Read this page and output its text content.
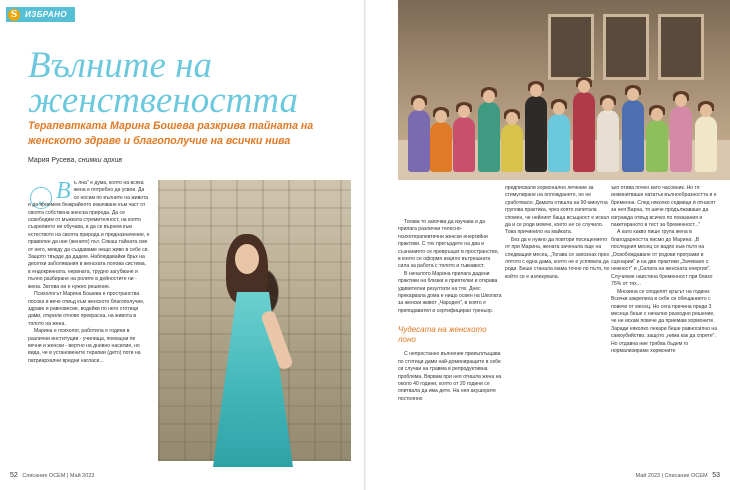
S ИЗБРАНО
Вълните на
женствеността
Терапевтката Марина Бошева разкрива тайната на женското здраве и благополучие на всички нива
Мария Русева, снимки архив
„ В ъ лна" е дума, която на всяка жена е потребно да усвои. Да се носим по вълните на живота и да приемем безкрайното изкачване към част от своята собствена женска природа. Да се освободим от мъжката стремителност, на която съзрелието ни обучава, и да се върнем към естеството на своята природа и предназначение, е правилен да ние (жените) път. Сякаш тайната сме от него, между да създаваме нещо живо в себе си. Защото твърде да дадем. Наблюдавайки 8рьх на десетки заболявания в женската полова система, в ендокринната, нервната, трудно загубване и пълно разбиране на ролите в дейностите ни - жена. Затова ни е нужно решение.

Психологът Марина Бошева е пространства посока и вече отвъд към женското благополучие, здраве и равновесие, водейки по него стотици дами, открили отново прекрасна, на живота в тялото на жена.

Марина е психолог, работила е години в различни институции - училища, помощни пе вечни и женски - вертно на дневно насилие, но вида, че в установените терапии (дето) поти на патриархални вредни нагласи...

52 Списание ОСЕМ | Май 2023

Тогава то започва да изучава и да прилага различни телесно-психотерапевтични женски енергийни практики. С тях прегърдете на два и съзнанието се превръщат в пространство, в което се оформя изцяло вътрешната сила за работа с тялото и гъвкавост.

В началото Марина прилага дадени практики на близки и приятелки и открива удивителни резултати на тях. Днес прекарвала дома е нищо освен на Школата за женски живот „Чародея", в която е преподавател и сертифициран треньор.

Чудесата на женското лоно

С непрестанно вълнение превъплъщава по стотици дами най-доминиращите в себе си случаи на травма в репродуктивна проблема. Вярвам при нея отишла жена на около 40 години, която от 20 години се опитвала да има дете. На нея акушерите постоянно

предписвали хормонално лечение за стимулиране на оплождането, но не сработвало. Дамата отишла на 90-минутна групова практика, чрез която изпитала спомен, че нейният баща всъщност е искал да и се роди момче, което не се случило. Това причинило на майката.

Без да е нужно да повтори посещението от при Марина, жената заченала още на следващия месец. „Тогава се запознах през лятото с една дама, която не е успявала да роди. Беше станала мама точно по пътя, по който се е излекувала.

ъкп отива почен като часовник. Но тя инжинитваше нататък вълнообразността и е бременна. След няколко седмици ѝ отнасят за нея Варна, тя шече продължаваше да изгражда отвъд всичко по показания и пакетираното в тест за бременност..."

А като какво пише група жена в благодарността писмо до Марина: „В последния месец се вадях към пътя на „Освобождаване от родови програми и сценарии" и на две практики „Зачеване с нежност" и „Силата на женската енергия". Случихме наистина бременност при близо 75% от тях...

Мнозина се споделят кръгът на години. Всички закрепиха в себе си обещанието с повече от месец. Но сега причина преди 3 месеца беше с начално разходно решение, че не искам повече да приемам хормоните. Заради няколко лекари беше равносилно на самоубийство, защото „нима как да спрете". Но отдавна ние трябва бъдем го нормализираме хормоните

Май 2023 | Списание ОСЕМ 53
